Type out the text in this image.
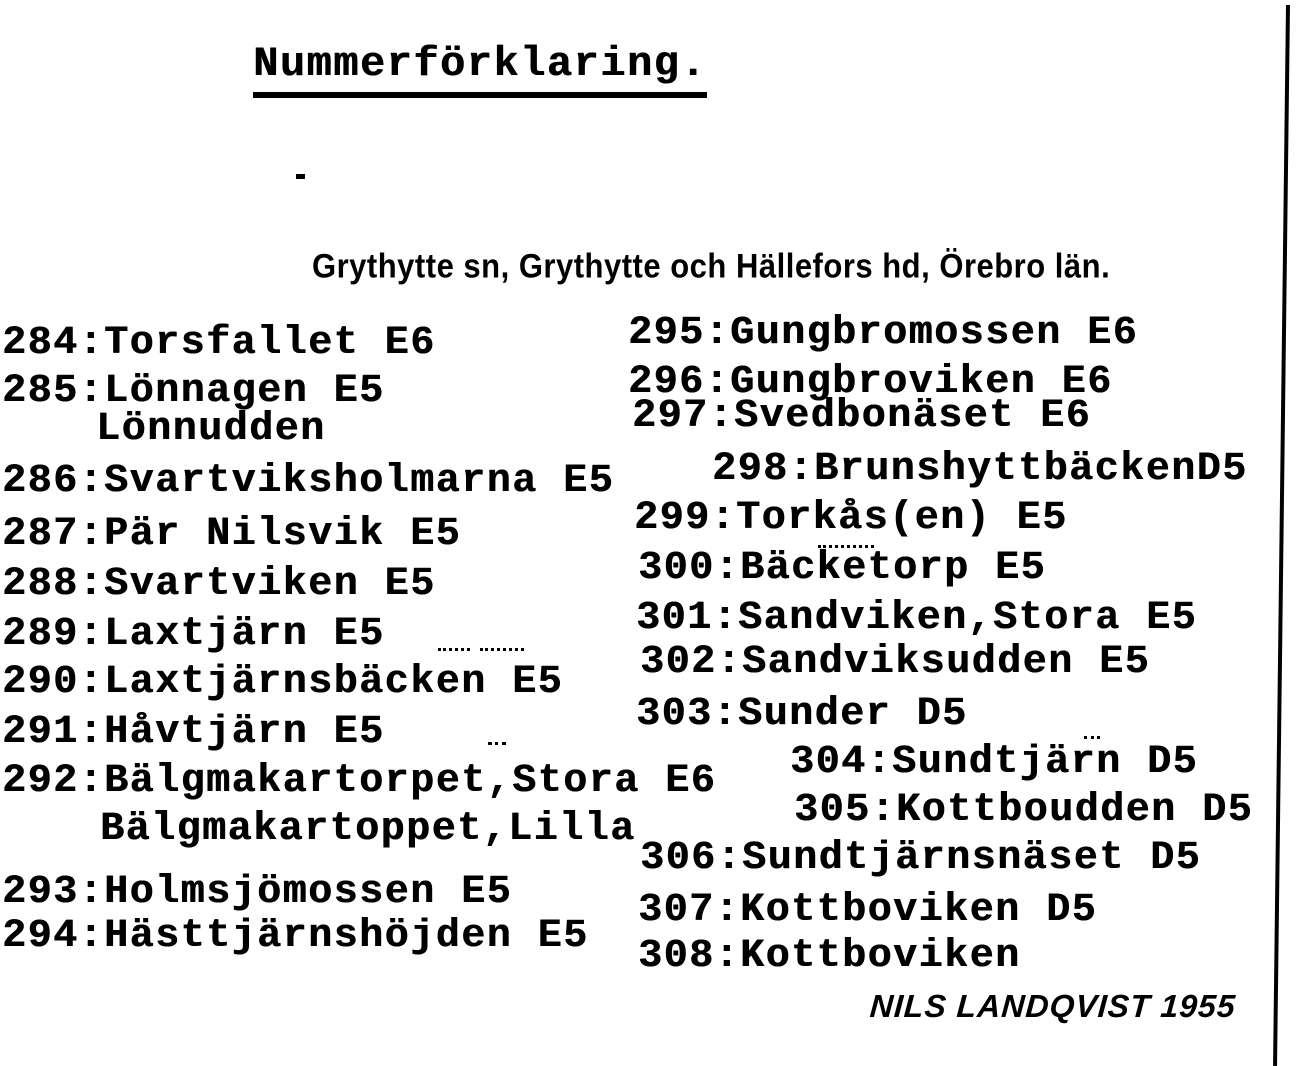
Nummerförklaring.
Grythytte sn, Grythytte och Hällefors hd, Örebro län.
284:Torsfallet E6
285:Lönnagen E5
Lönnudden
286:Svartviksholmarna E5
287:Pär Nilsvik E5
288:Svartviken E5
289:Laxtjärn E5
290:Laxtjärnsbäcken E5
291:Håvtjärn E5
292:Bälgmakartorpet,Stora E6
Bälgmakartoppet,Lilla
293:Holmsjömossen E5
294:Hästtjärnshöjden E5
295:Gungbromossen E6
296:Gungbroviken E6
297:Svedbonäset E6
298:BrunshyttbäckenD5
299:Torkås(en) E5
300:Bäcketorp E5
301:Sandviken,Stora E5
302:Sandviksudden E5
303:Sunder D5
304:Sundtjärn D5
305:Kottboudden D5
306:Sundtjärnsnäset D5
307:Kottboviken D5
308:Kottboviken
NILS LANDQVIST 1955
